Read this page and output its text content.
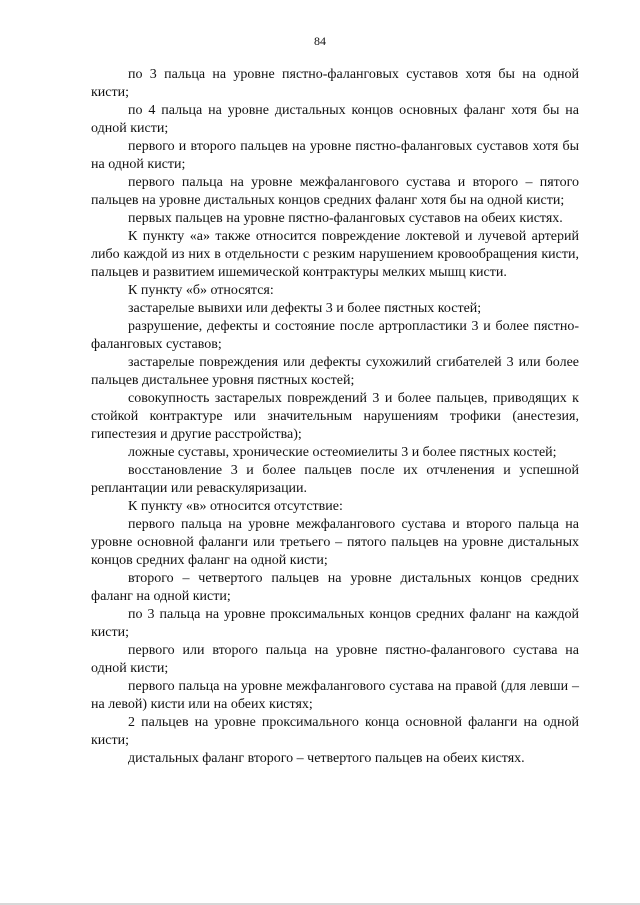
84

по 3 пальца на уровне пястно-фаланговых суставов хотя бы на одной кисти;

по 4 пальца на уровне дистальных концов основных фаланг хотя бы на одной кисти;

первого и второго пальцев на уровне пястно-фаланговых суставов хотя бы на одной кисти;

первого пальца на уровне межфалангового сустава и второго – пятого пальцев на уровне дистальных концов средних фаланг хотя бы на одной кисти;

первых пальцев на уровне пястно-фаланговых суставов на обеих кистях.

К пункту «а» также относится повреждение локтевой и лучевой артерий либо каждой из них в отдельности с резким нарушением кровообращения кисти, пальцев и развитием ишемической контрактуры мелких мышц кисти.

К пункту «б» относятся:

застарелые вывихи или дефекты 3 и более пястных костей;

разрушение, дефекты и состояние после артропластики 3 и более пястно-фаланговых суставов;

застарелые повреждения или дефекты сухожилий сгибателей 3 или более пальцев дистальнее уровня пястных костей;

совокупность застарелых повреждений 3 и более пальцев, приводящих к стойкой контрактуре или значительным нарушениям трофики (анестезия, гипестезия и другие расстройства);

ложные суставы, хронические остеомиелиты 3 и более пястных костей;

восстановление 3 и более пальцев после их отчленения и успешной реплантации или реваскуляризации.

К пункту «в» относится отсутствие:

первого пальца на уровне межфалангового сустава и второго пальца на уровне основной фаланги или третьего – пятого пальцев на уровне дистальных концов средних фаланг на одной кисти;

второго – четвертого пальцев на уровне дистальных концов средних фаланг на одной кисти;

по 3 пальца на уровне проксимальных концов средних фаланг на каждой кисти;

первого или второго пальца на уровне пястно-фалангового сустава на одной кисти;

первого пальца на уровне межфалангового сустава на правой (для левши – на левой) кисти или на обеих кистях;

2 пальцев на уровне проксимального конца основной фаланги на одной кисти;

дистальных фаланг второго – четвертого пальцев на обеих кистях.
